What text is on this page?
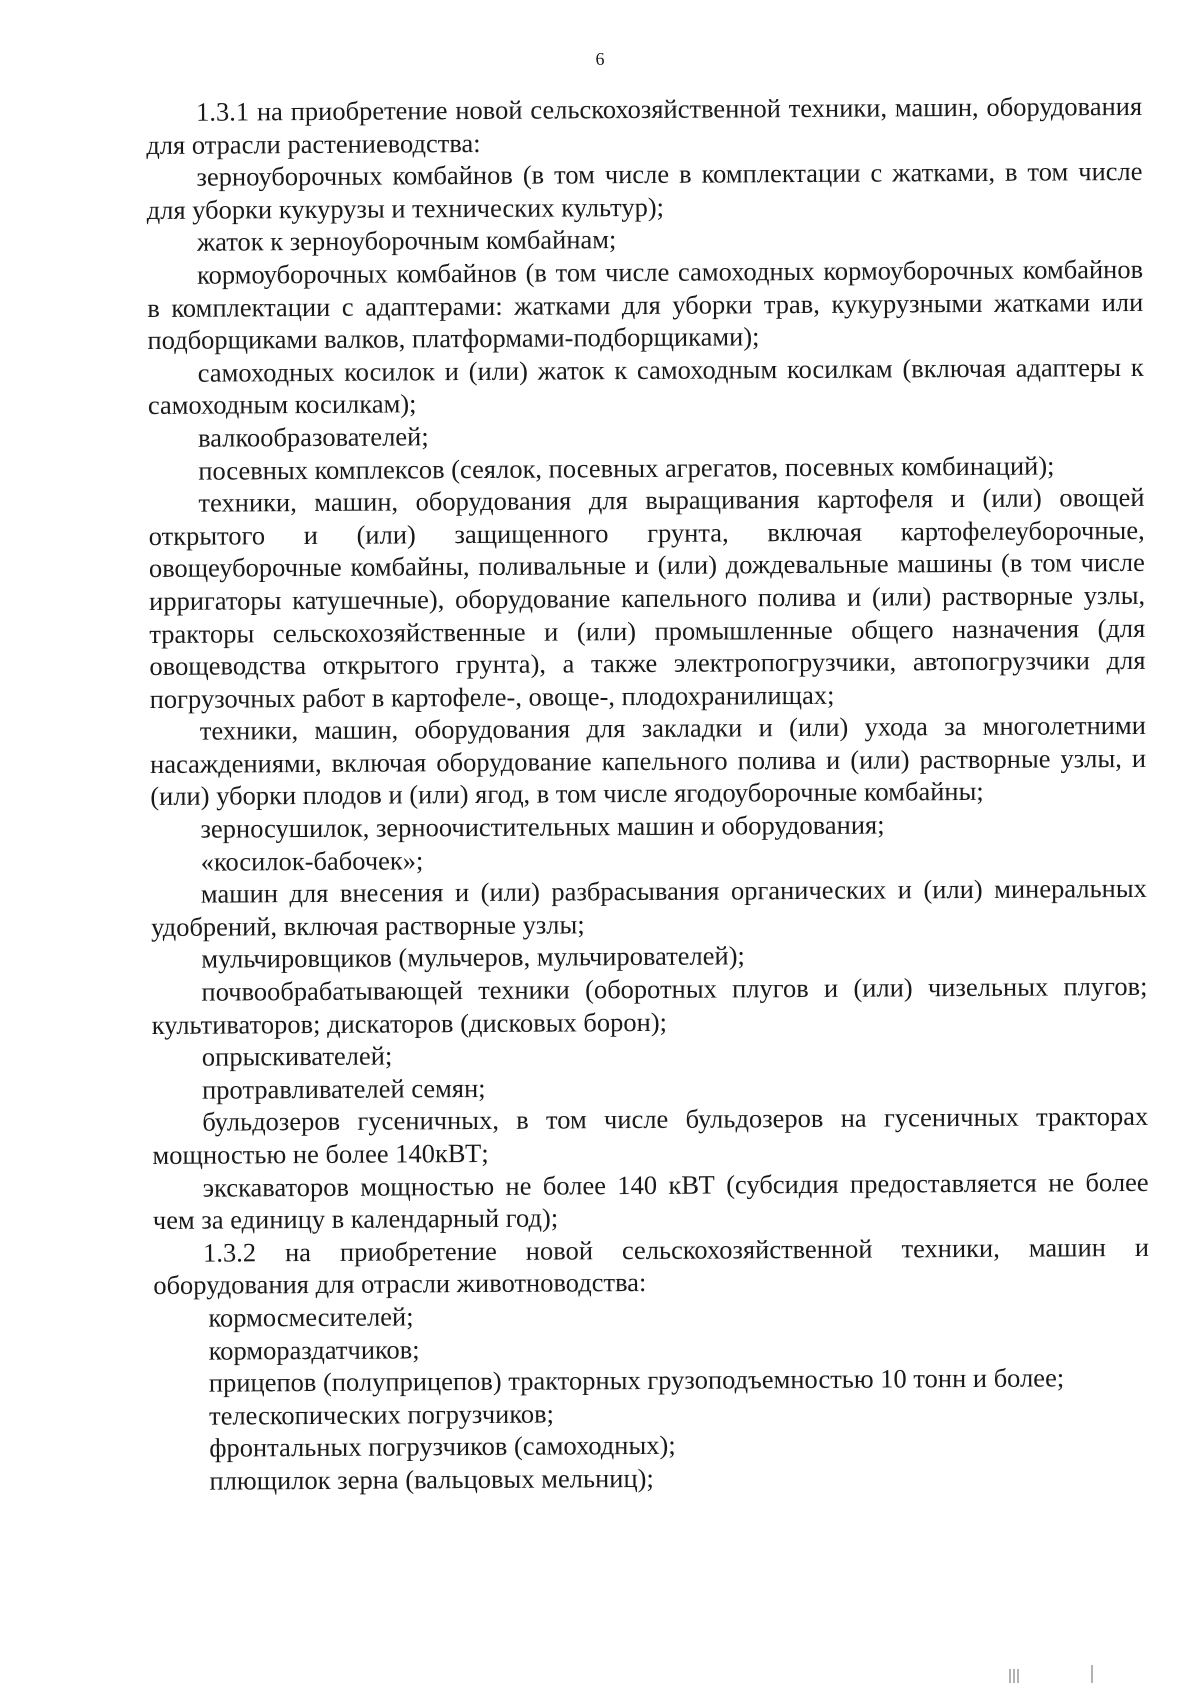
6

1.3.1 на приобретение новой сельскохозяйственной техники, машин, оборудования для отрасли растениеводства:

зерноуборочных комбайнов (в том числе в комплектации с жатками, в том числе для уборки кукурузы и технических культур);

жаток к зерноуборочным комбайнам;

кормоуборочных комбайнов (в том числе самоходных кормоуборочных комбайнов в комплектации с адаптерами: жатками для уборки трав, кукурузными жатками или подборщиками валков, платформами-подборщиками);

самоходных косилок и (или) жаток к самоходным косилкам (включая адаптеры к самоходным косилкам);

валкообразователей;

посевных комплексов (сеялок, посевных агрегатов, посевных комбинаций);

техники, машин, оборудования для выращивания картофеля и (или) овощей открытого и (или) защищенного грунта, включая картофелеуборочные, овощеуборочные комбайны, поливальные и (или) дождевальные машины (в том числе ирригаторы катушечные), оборудование капельного полива и (или) растворные узлы, тракторы сельскохозяйственные и (или) промышленные общего назначения (для овощеводства открытого грунта), а также электропогрузчики, автопогрузчики для погрузочных работ в картофеле-, овоще-, плодохранилищах;

техники, машин, оборудования для закладки и (или) ухода за многолетними насаждениями, включая оборудование капельного полива и (или) растворные узлы, и (или) уборки плодов и (или) ягод, в том числе ягодоуборочные комбайны;

зерносушилок, зерноочистительных машин и оборудования;

«косилок-бабочек»;

машин для внесения и (или) разбрасывания органических и (или) минеральных удобрений, включая растворные узлы;

мульчировщиков (мульчеров, мульчирователей);

почвообрабатывающей техники (оборотных плугов и (или) чизельных плугов; культиваторов; дискаторов (дисковых борон);

опрыскивателей;

протравливателей семян;

бульдозеров гусеничных, в том числе бульдозеров на гусеничных тракторах мощностью не более 140кВТ;

экскаваторов мощностью не более 140 кВТ (субсидия предоставляется не более чем за единицу в календарный год);

1.3.2 на приобретение новой сельскохозяйственной техники, машин и оборудования для отрасли животноводства:

кормосмесителей;

кормораздатчиков;

прицепов (полуприцепов) тракторных грузоподъемностью 10 тонн и более;

телескопических погрузчиков;

фронтальных погрузчиков (самоходных);

плющилок зерна (вальцовых мельниц);
